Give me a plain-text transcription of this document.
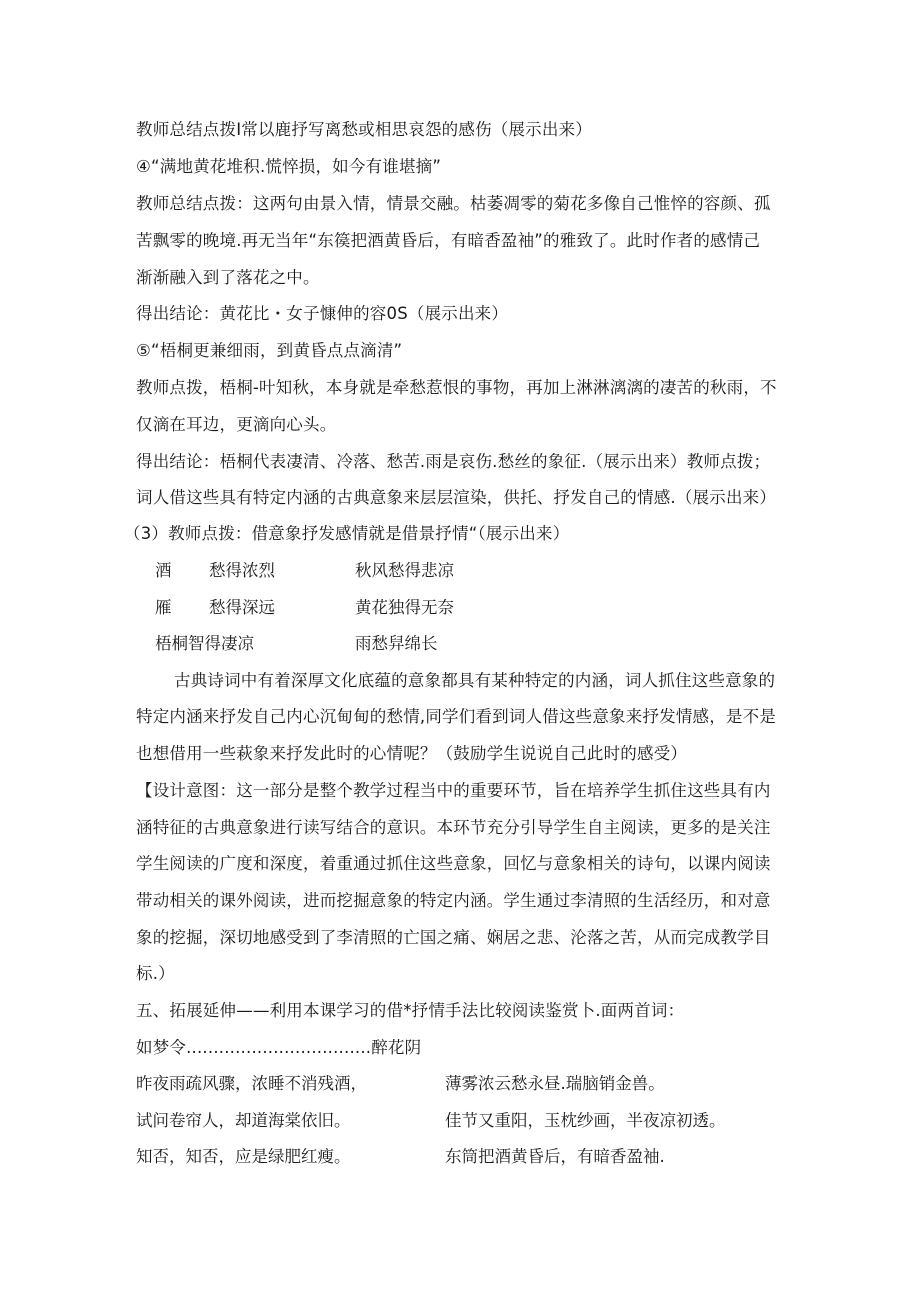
教师总结点拨I常以鹿抒写离愁或相思哀怨的感伤（展示出来）
④“满地黄花堆积.慌悴损，如今有谁堪摘”
教师总结点拨：这两句由景入情，情景交融。枯萎凋零的菊花多像自己惟悴的容颜、孤
苦飘零的晚境.再无当年“东篌把酒黄昏后，有暗香盈袖”的雅致了。此时作者的感情己
渐渐融入到了落花之中。
得出结论：黄花比・女子慷伸的容0S（展示出来）
⑤“梧桐更兼细雨，到黄昏点点滴清”
教师点拨，梧桐-叶知秋，本身就是牵愁惹恨的事物，再加上淋淋漓漓的凄苦的秋雨，不
仅滴在耳边，更滴向心头。
得出结论：梧桐代表凄清、冷落、愁苦.雨是哀伤.愁丝的象征.（展示出来）教师点拨；
词人借这些具有特定内涵的古典意象来层层渲染，供托、抒发自己的情感.（展示出来）
（3）教师点拨：借意象抒发感情就是借景抒情“（展示出来）
酒 愁得浓烈	秋风愁得悲凉
雁 愁得深远	黄花独得无奈
梧桐智得凄凉	雨愁舁绵长
古典诗词中有着深厚文化底蕴的意象都具有某种特定的内涵，词人抓住这些意象的
特定内涵来抒发自己内心沉甸甸的愁情,同学们看到词人借这些意象来抒发情感，是不是
也想借用一些萩象来抒发此时的心情呢？（鼓励学生说说自己此时的感受）
【设计意图：这一部分是整个教学过程当中的重要环节，旨在培养学生抓住这些具有内
涵特征的古典意象进行读写结合的意识。本环节充分引导学生自主阅读，更多的是关注
学生阅读的广度和深度，着重通过抓住这些意象，回忆与意象相关的诗句，以课内阅读
带动相关的课外阅读，进而挖掘意象的特定内涵。学生通过李清照的生活经历，和对意
象的挖掘，深切地感受到了李清照的亡国之痛、娴居之悲、沦落之苦，从而完成教学目
标.）
五、拓展延伸——利用本课学习的借*抒情手法比较阅读鉴赏卜.面两首词：
如梦令..................................醉花阴
昨夜雨疏风骤，浓睡不消残酒，	薄雾浓云愁永昼.瑞脑销金兽。
试问卷帘人，却道海棠依旧。	佳节又重阳，玉枕纱画，半夜凉初透。
知否，知否，应是绿肥红瘦。	东筒把酒黄昏后，有暗香盈袖.
